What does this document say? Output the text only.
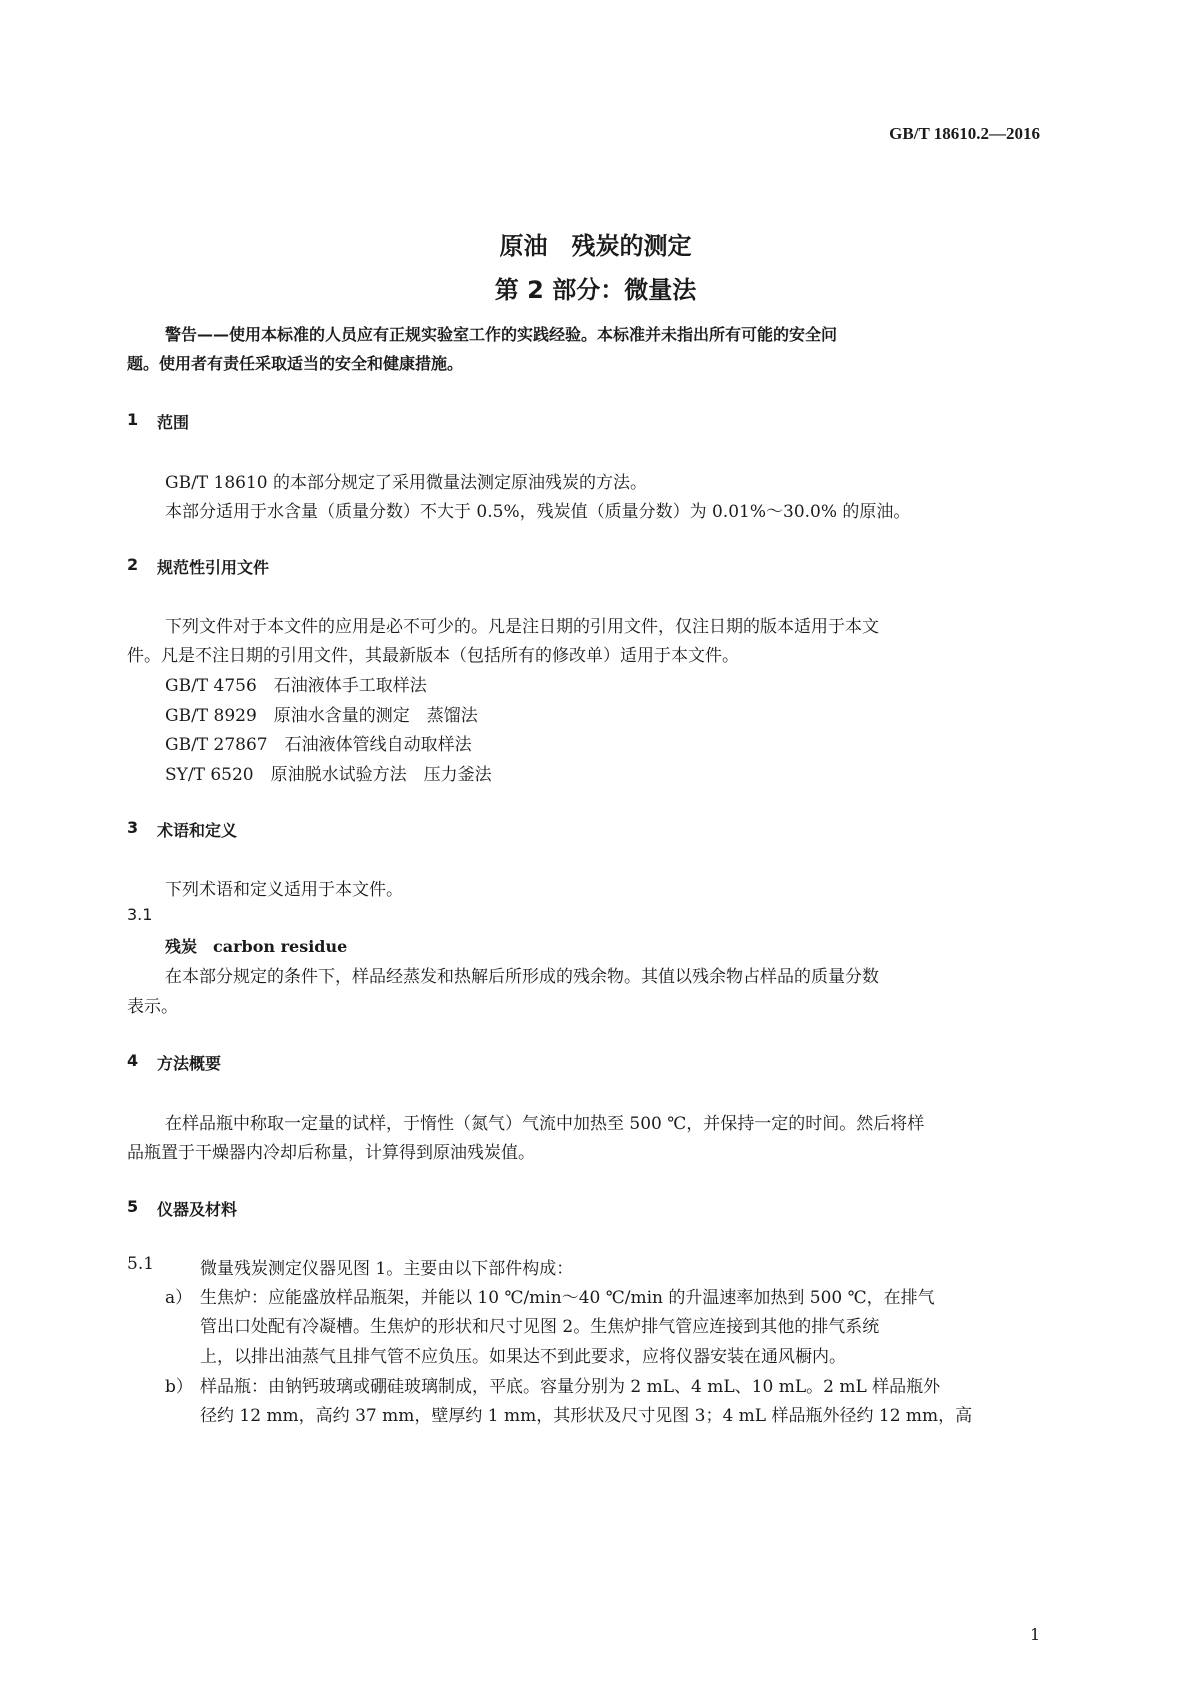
GB/T 18610.2—2016
原油　残炭的测定
第 2 部分：微量法
警告——使用本标准的人员应有正规实验室工作的实践经验。本标准并未指出所有可能的安全问
题。使用者有责任采取适当的安全和健康措施。
1 范围
GB/T 18610 的本部分规定了采用微量法测定原油残炭的方法。
本部分适用于水含量（质量分数）不大于 0.5%，残炭值（质量分数）为 0.01%～30.0% 的原油。
2 规范性引用文件
下列文件对于本文件的应用是必不可少的。凡是注日期的引用文件，仅注日期的版本适用于本文
件。凡是不注日期的引用文件，其最新版本（包括所有的修改单）适用于本文件。
GB/T 4756　石油液体手工取样法
GB/T 8929　原油水含量的测定　蒸馏法
GB/T 27867　石油液体管线自动取样法
SY/T 6520　原油脱水试验方法　压力釜法
3 术语和定义
下列术语和定义适用于本文件。
3.1
残炭　carbon residue
在本部分规定的条件下，样品经蒸发和热解后所形成的残余物。其值以残余物占样品的质量分数
表示。
4 方法概要
在样品瓶中称取一定量的试样，于惰性（氮气）气流中加热至 500 ℃，并保持一定的时间。然后将样
品瓶置于干燥器内冷却后称量，计算得到原油残炭值。
5 仪器及材料
5.1	微量残炭测定仪器见图 1。主要由以下部件构成：
a） 生焦炉：应能盛放样品瓶架，并能以 10 ℃/min～40 ℃/min 的升温速率加热到 500 ℃，在排气
管出口处配有冷凝槽。生焦炉的形状和尺寸见图 2。生焦炉排气管应连接到其他的排气系统
上，以排出油蒸气且排气管不应负压。如果达不到此要求，应将仪器安装在通风橱内。
b） 样品瓶：由钠钙玻璃或硼硅玻璃制成，平底。容量分别为 2 mL、4 mL、10 mL。2 mL 样品瓶外
径约 12 mm，高约 37 mm，壁厚约 1 mm，其形状及尺寸见图 3；4 mL 样品瓶外径约 12 mm，高
1
